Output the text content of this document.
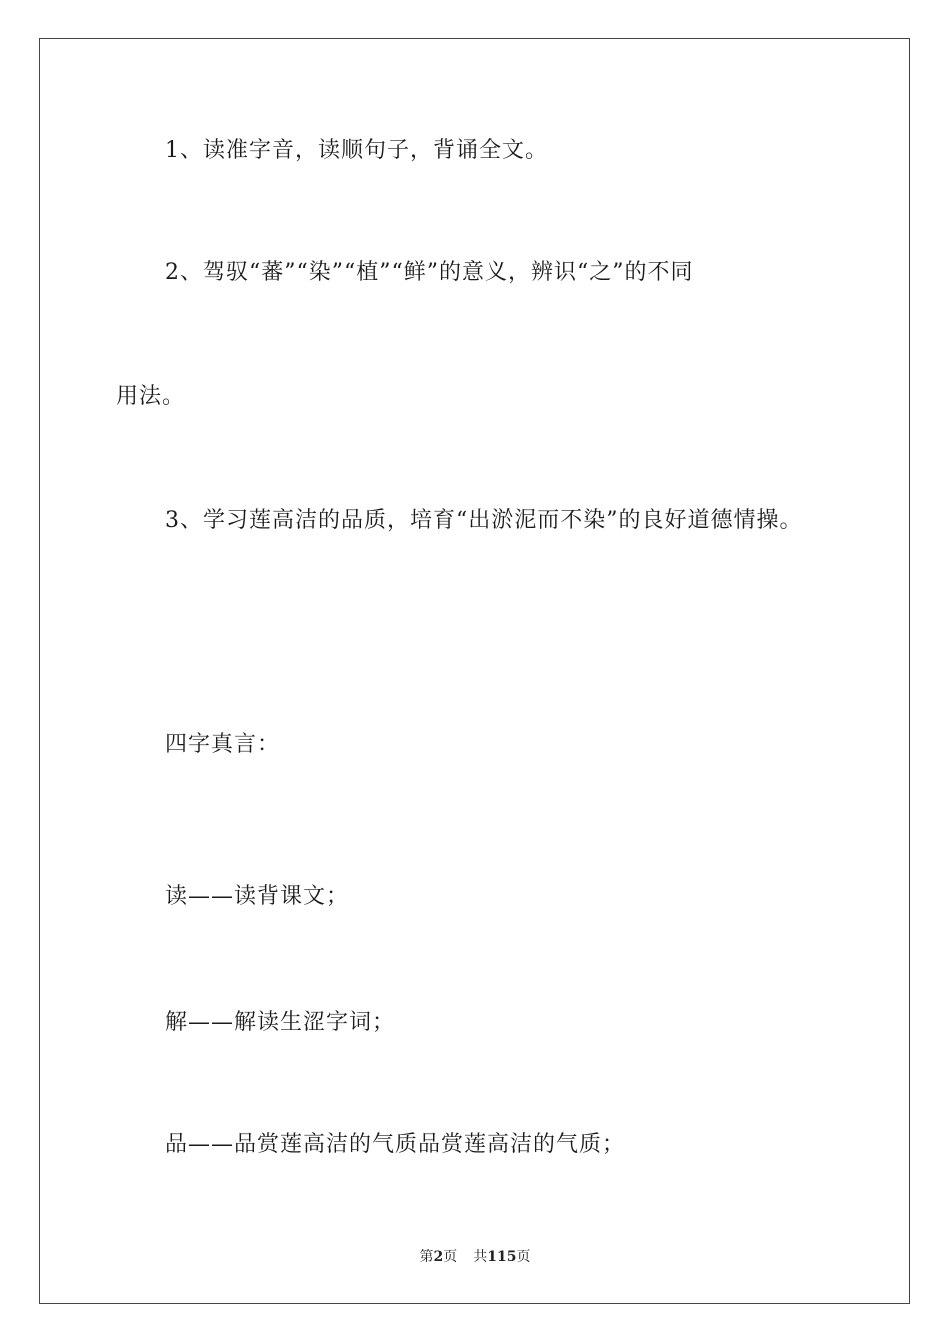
1、读准字音，读顺句子，背诵全文。
2、驾驭“蕃”“染”“植”“鲜”的意义，辨识“之”的不同
用法。
3、学习莲高洁的品质，培育“出淤泥而不染”的良好道德情操。
四字真言：
读——读背课文；
解——解读生涩字词；
品——品赏莲高洁的气质品赏莲高洁的气质；
第2页 共115页
